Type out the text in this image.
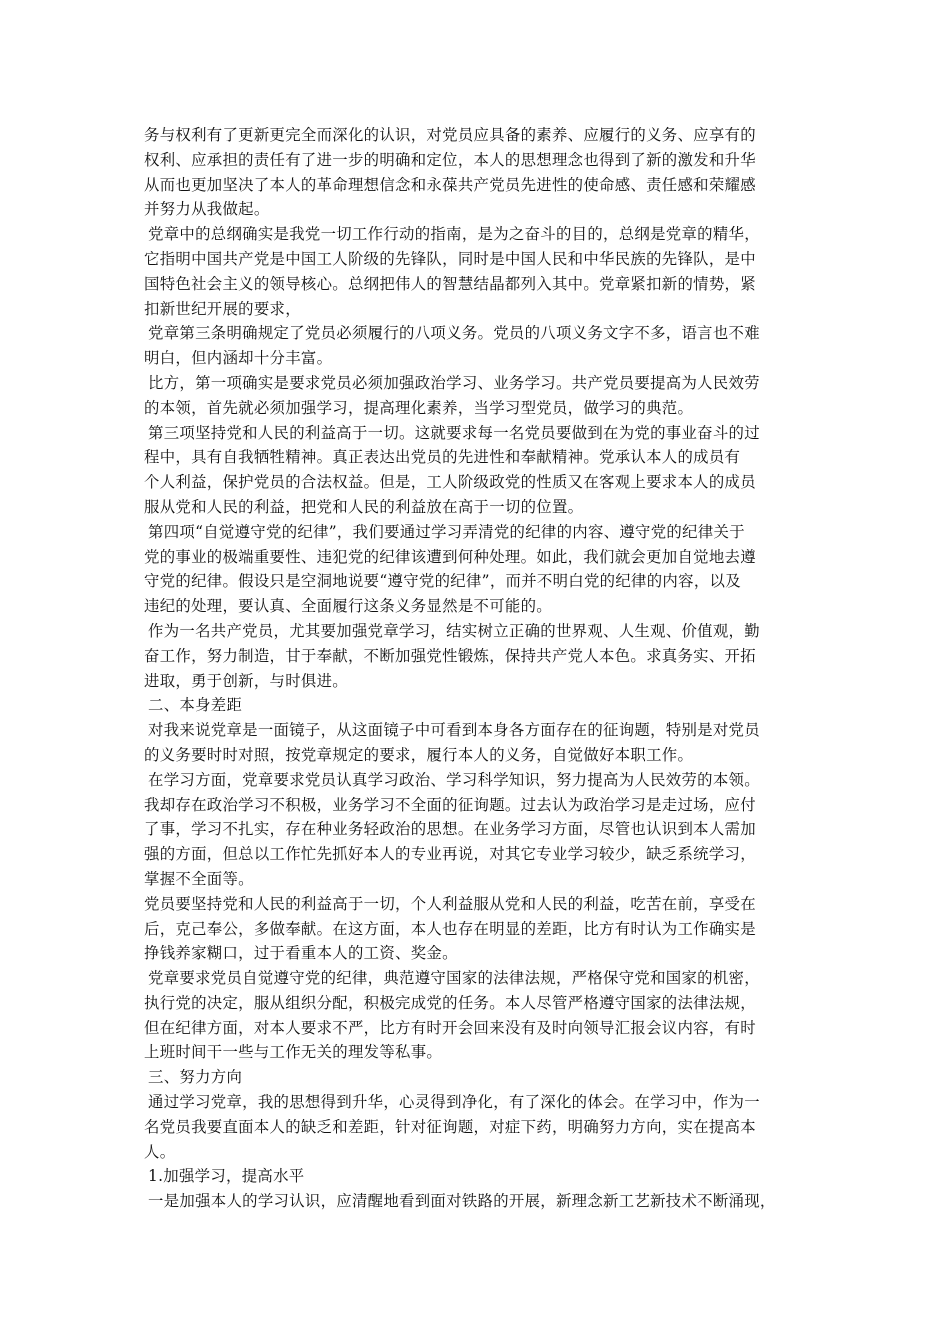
务与权利有了更新更完全而深化的认识，对党员应具备的素养、应履行的义务、应享有的
权利、应承担的责任有了进一步的明确和定位，本人的思想理念也得到了新的激发和升华
从而也更加坚决了本人的革命理想信念和永葆共产党员先进性的使命感、责任感和荣耀感
并努力从我做起。
党章中的总纲确实是我党一切工作行动的指南，是为之奋斗的目的，总纲是党章的精华，
它指明中国共产党是中国工人阶级的先锋队，同时是中国人民和中华民族的先锋队，是中
国特色社会主义的领导核心。总纲把伟人的智慧结晶都列入其中。党章紧扣新的情势，紧
扣新世纪开展的要求，
党章第三条明确规定了党员必须履行的八项义务。党员的八项义务文字不多，语言也不难
明白，但内涵却十分丰富。
比方，第一项确实是要求党员必须加强政治学习、业务学习。共产党员要提高为人民效劳
的本领，首先就必须加强学习，提高理化素养，当学习型党员，做学习的典范。
第三项坚持党和人民的利益高于一切。这就要求每一名党员要做到在为党的事业奋斗的过
程中，具有自我牺牲精神。真正表达出党员的先进性和奉献精神。党承认本人的成员有
个人利益，保护党员的合法权益。但是，工人阶级政党的性质又在客观上要求本人的成员
服从党和人民的利益，把党和人民的利益放在高于一切的位置。
第四项“自觉遵守党的纪律”，我们要通过学习弄清党的纪律的内容、遵守党的纪律关于
党的事业的极端重要性、违犯党的纪律该遭到何种处理。如此，我们就会更加自觉地去遵
守党的纪律。假设只是空洞地说要“遵守党的纪律”，而并不明白党的纪律的内容，以及
违纪的处理，要认真、全面履行这条义务显然是不可能的。
作为一名共产党员，尤其要加强党章学习，结实树立正确的世界观、人生观、价值观，勤
奋工作，努力制造，甘于奉献，不断加强党性锻炼，保持共产党人本色。求真务实、开拓
进取，勇于创新，与时俱进。
二、本身差距
对我来说党章是一面镜子，从这面镜子中可看到本身各方面存在的征询题，特别是对党员
的义务要时时对照，按党章规定的要求，履行本人的义务，自觉做好本职工作。
在学习方面，党章要求党员认真学习政治、学习科学知识，努力提高为人民效劳的本领。
我却存在政治学习不积极，业务学习不全面的征询题。过去认为政治学习是走过场，应付
了事，学习不扎实，存在种业务轻政治的思想。在业务学习方面，尽管也认识到本人需加
强的方面，但总以工作忙先抓好本人的专业再说，对其它专业学习较少，缺乏系统学习，
掌握不全面等。
党员要坚持党和人民的利益高于一切，个人利益服从党和人民的利益，吃苦在前，享受在
后，克己奉公，多做奉献。在这方面，本人也存在明显的差距，比方有时认为工作确实是
挣钱养家糊口，过于看重本人的工资、奖金。
党章要求党员自觉遵守党的纪律，典范遵守国家的法律法规，严格保守党和国家的机密，
执行党的决定，服从组织分配，积极完成党的任务。本人尽管严格遵守国家的法律法规，
但在纪律方面，对本人要求不严，比方有时开会回来没有及时向领导汇报会议内容，有时
上班时间干一些与工作无关的理发等私事。
三、努力方向
通过学习党章，我的思想得到升华，心灵得到净化，有了深化的体会。在学习中，作为一
名党员我要直面本人的缺乏和差距，针对征询题，对症下药，明确努力方向，实在提高本
人。
1.加强学习，提高水平
一是加强本人的学习认识，应清醒地看到面对铁路的开展，新理念新工艺新技术不断涌现，
